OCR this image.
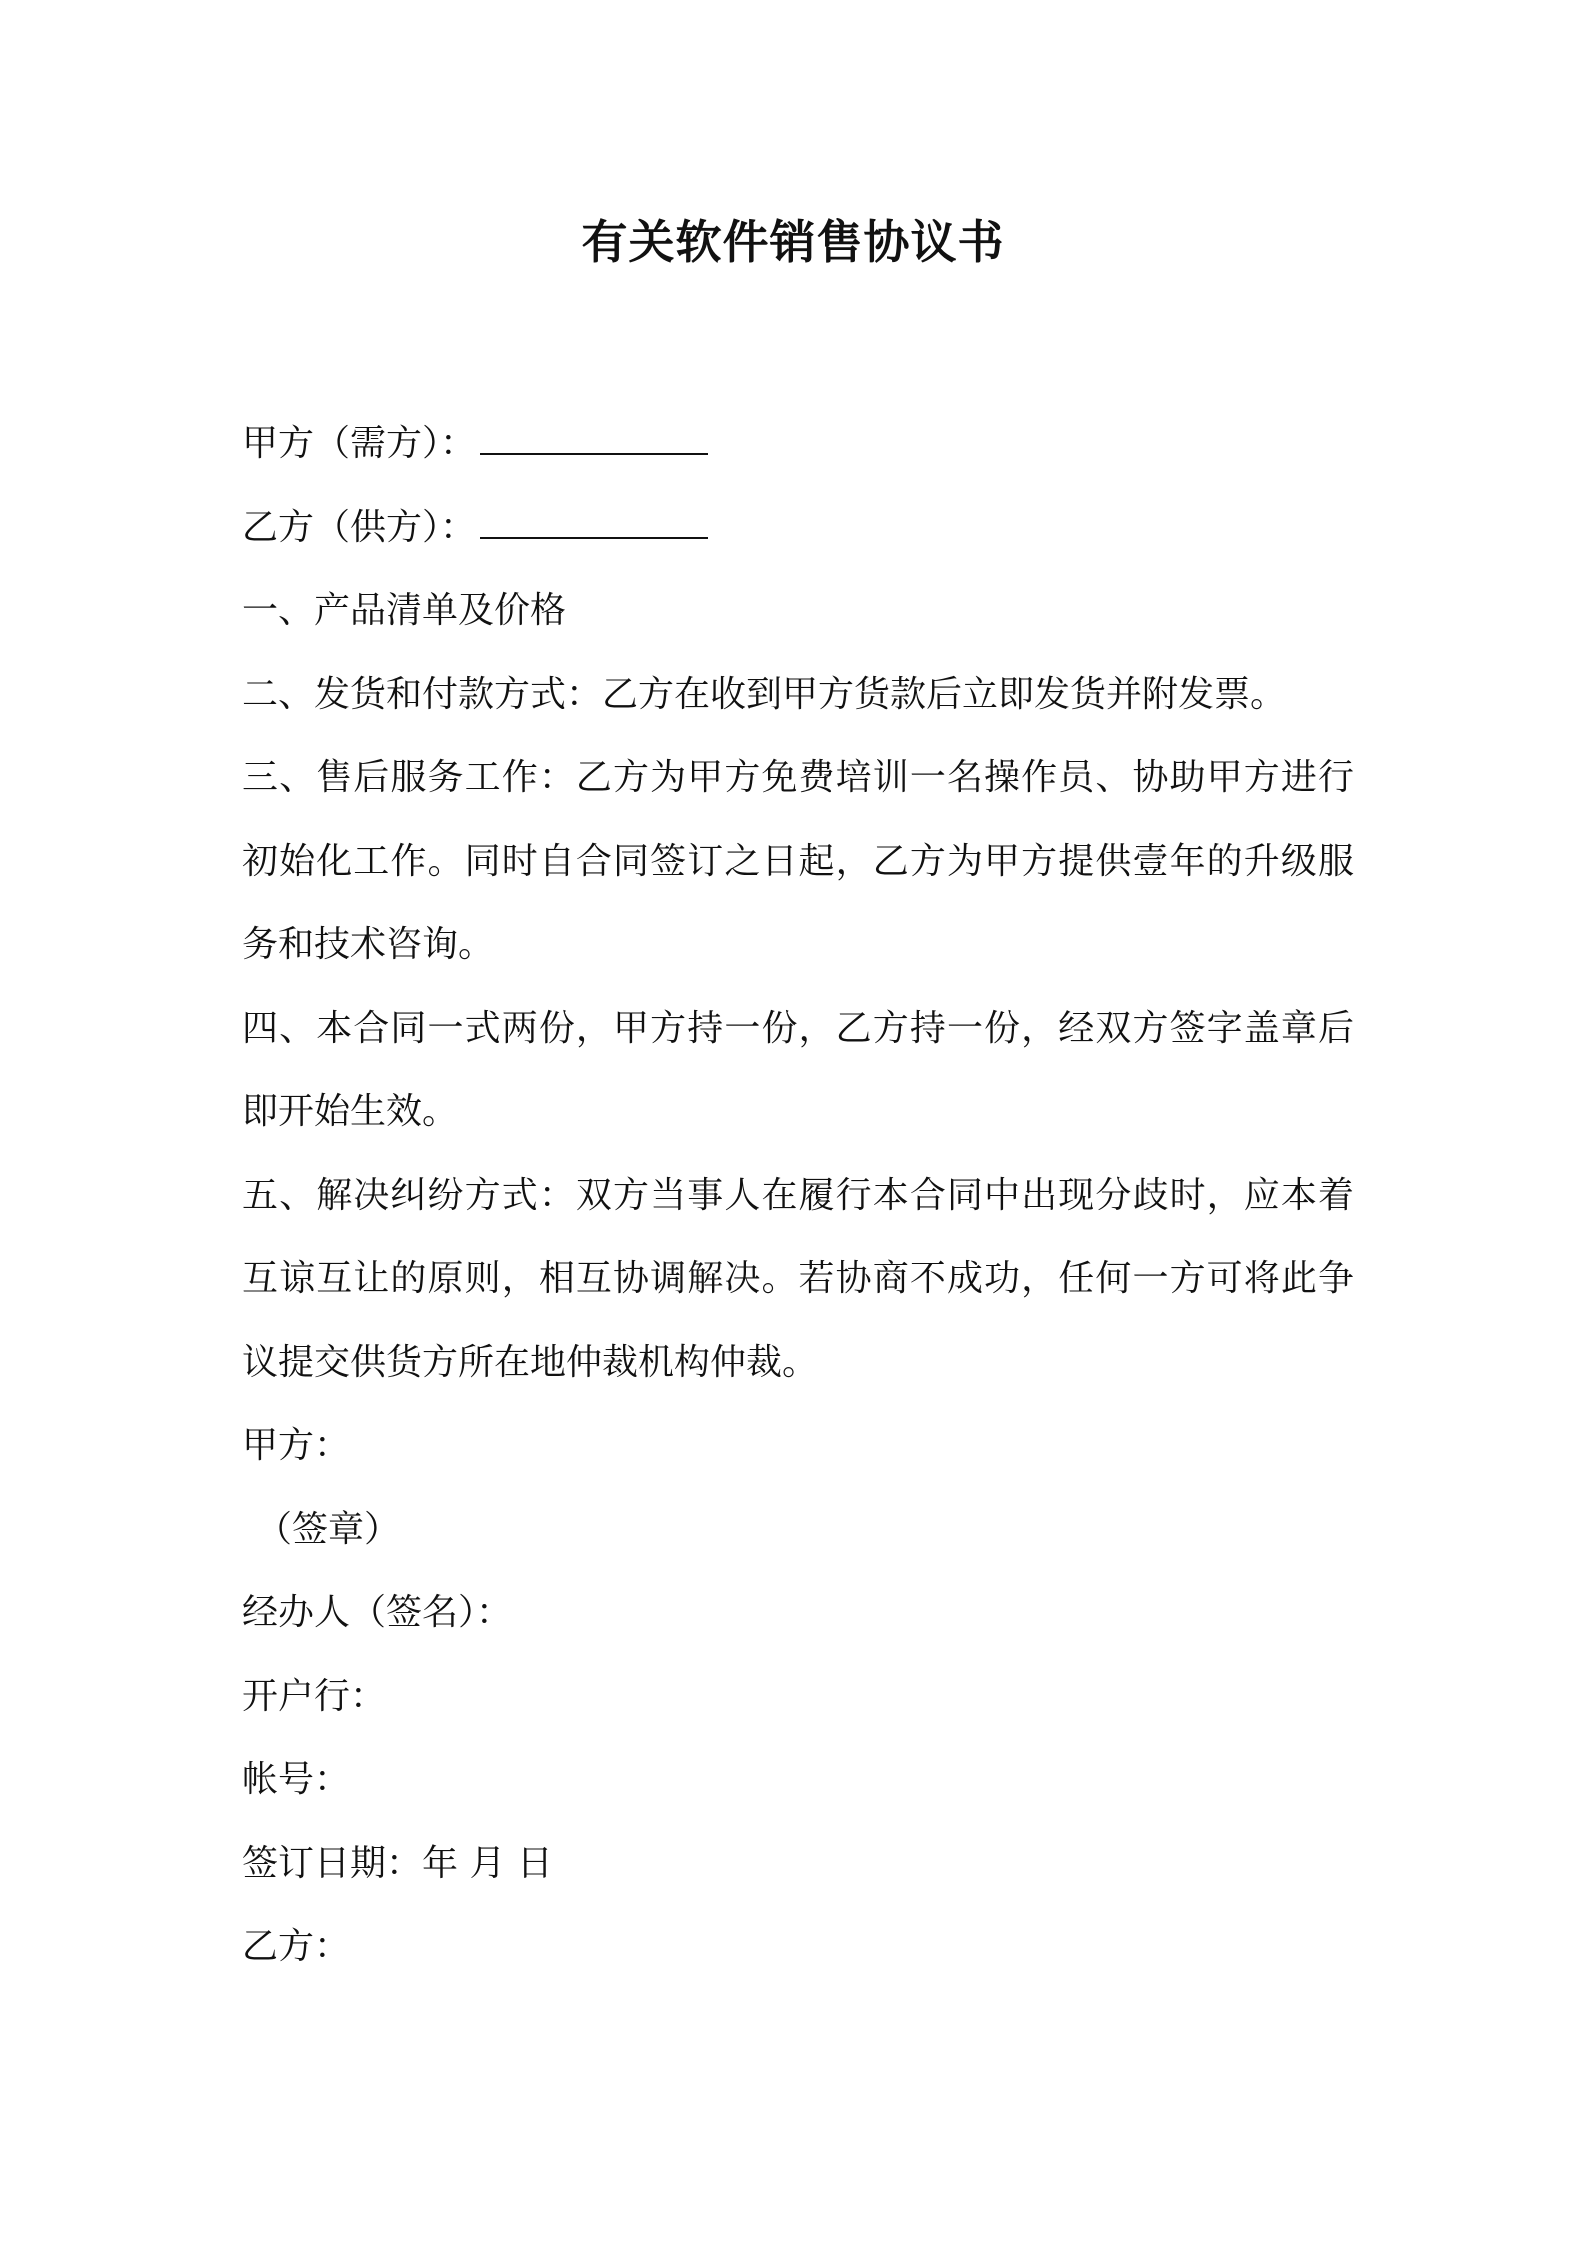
有关软件销售协议书

甲方（需方）：

乙方（供方）：

一、产品清单及价格

二、发货和付款方式：乙方在收到甲方货款后立即发货并附发票。

三、售后服务工作：乙方为甲方免费培训一名操作员、协助甲方进行初始化工作。同时自合同签订之日起，乙方为甲方提供壹年的升级服务和技术咨询。

四、本合同一式两份，甲方持一份，乙方持一份，经双方签字盖章后即开始生效。

五、解决纠纷方式：双方当事人在履行本合同中出现分歧时，应本着互谅互让的原则，相互协调解决。若协商不成功，任何一方可将此争议提交供货方所在地仲裁机构仲裁。

甲方：

（签章）

经办人（签名）：

开户行：

帐号：

签订日期：年 月 日

乙方：
